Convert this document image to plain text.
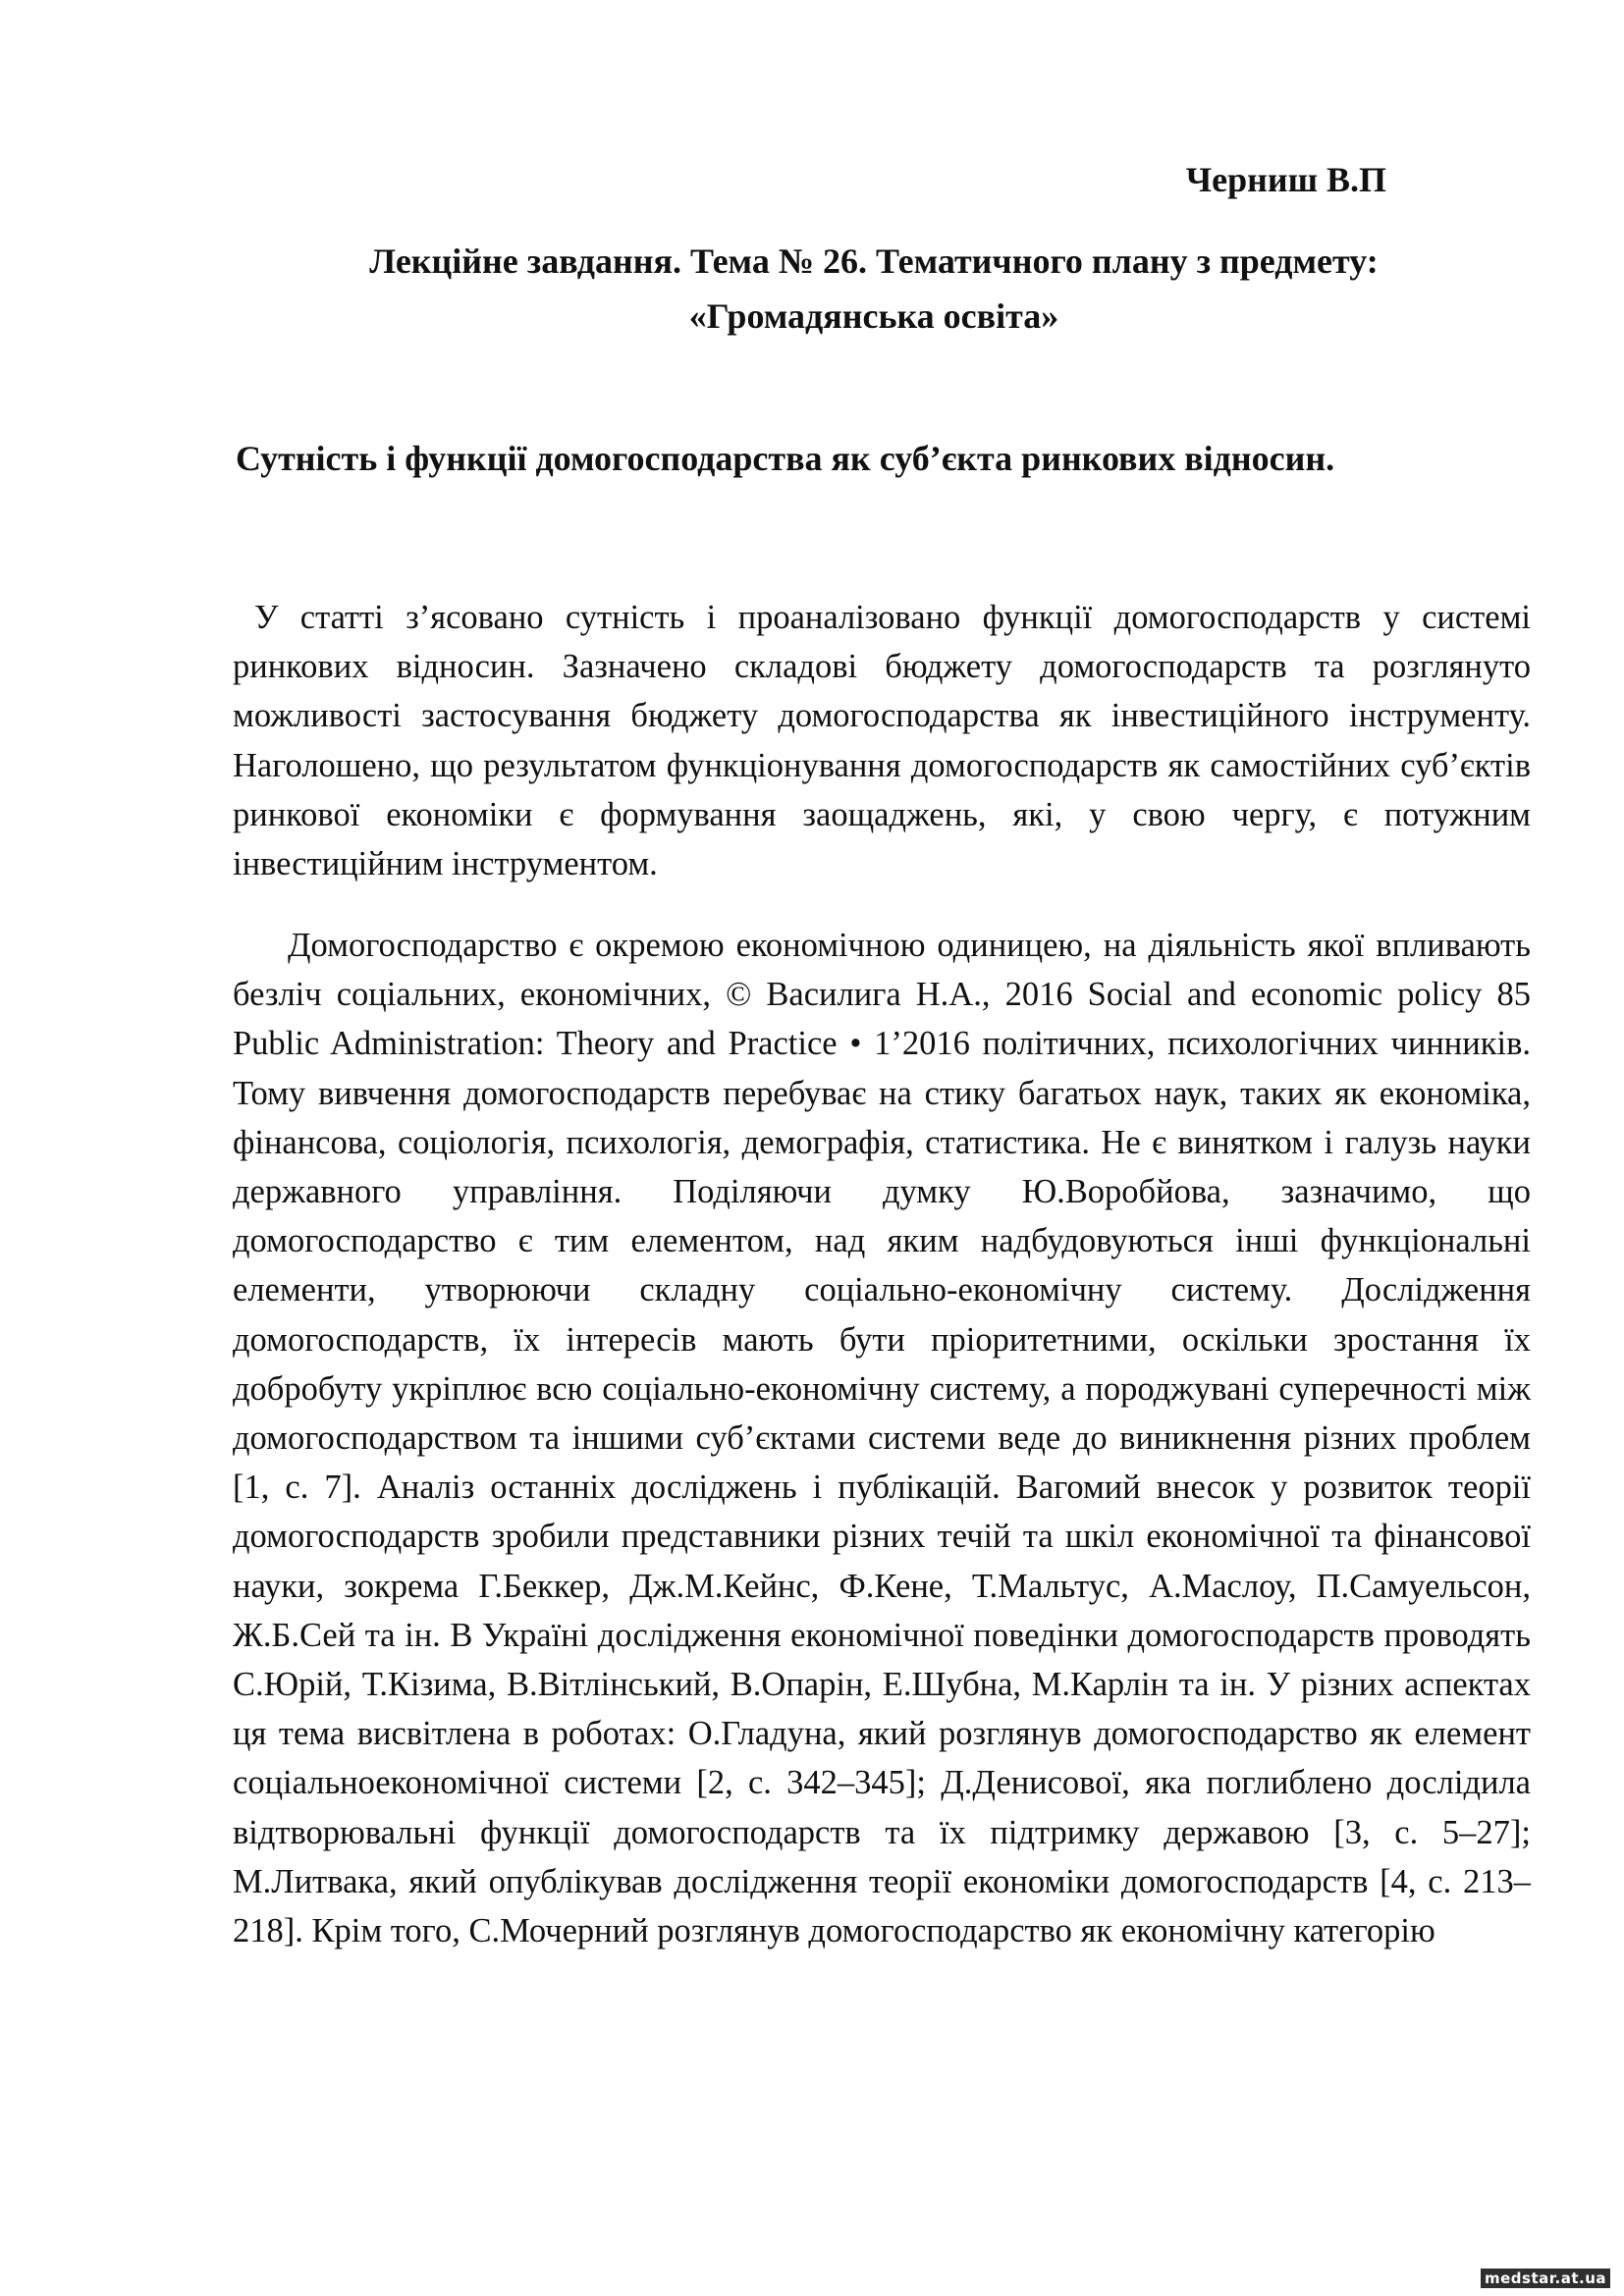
Черниш В.П

Лекційне завдання. Тема № 26. Тематичного плану з предмету:
«Громадянська освіта»
Сутність і функції домогосподарства як суб’єкта ринкових відносин.

У статті з’ясовано сутність і проаналізовано функції домогосподарств у системі ринкових відносин. Зазначено складові бюджету домогосподарств та розглянуто можливості застосування бюджету домогосподарства як інвестиційного інструменту. Наголошено, що результатом функціонування домогосподарств як самостійних суб’єктів ринкової економіки є формування заощаджень, які, у свою чергу, є потужним інвестиційним інструментом.

Домогосподарство є окремою економічною одиницею, на діяльність якої впливають безліч соціальних, економічних, © Василига Н.А., 2016 Social and economic policy 85 Public Administration: Theory and Practice • 1’2016 політичних, психологічних чинників. Тому вивчення домогосподарств перебуває на стику багатьох наук, таких як економіка, фінансова, соціологія, психологія, демографія, статистика. Не є винятком і галузь науки державного управління. Поділяючи думку Ю.Воробйова, зазначимо, що домогосподарство є тим елементом, над яким надбудовуються інші функціональні елементи, утворюючи складну соціально-економічну систему. Дослідження домогосподарств, їх інтересів мають бути пріоритетними, оскільки зростання їх добробуту укріплює всю соціально-економічну систему, а породжувані суперечності між домогосподарством та іншими суб’єктами системи веде до виникнення різних проблем [1, с. 7]. Аналіз останніх досліджень і публікацій. Вагомий внесок у розвиток теорії домогосподарств зробили представники різних течій та шкіл економічної та фінансової науки, зокрема Г.Беккер, Дж.М.Кейнс, Ф.Кене, Т.Мальтус, А.Маслоу, П.Самуельсон, Ж.Б.Сей та ін. В Україні дослідження економічної поведінки домогосподарств проводять С.Юрій, Т.Кізима, В.Вітлінський, В.Опарін, Е.Шубна, М.Карлін та ін. У різних аспектах ця тема висвітлена в роботах: О.Гладуна, який розглянув домогосподарство як елемент соціальноекономічної системи [2, с. 342–345]; Д.Денисової, яка поглиблено дослідила відтворювальні функції домогосподарств та їх підтримку державою [3, с. 5–27]; М.Литвака, який опублікував дослідження теорії економіки домогосподарств [4, с. 213–218]. Крім того, С.Мочерний розглянув домогосподарство як економічну категорію

medstar.at.ua
